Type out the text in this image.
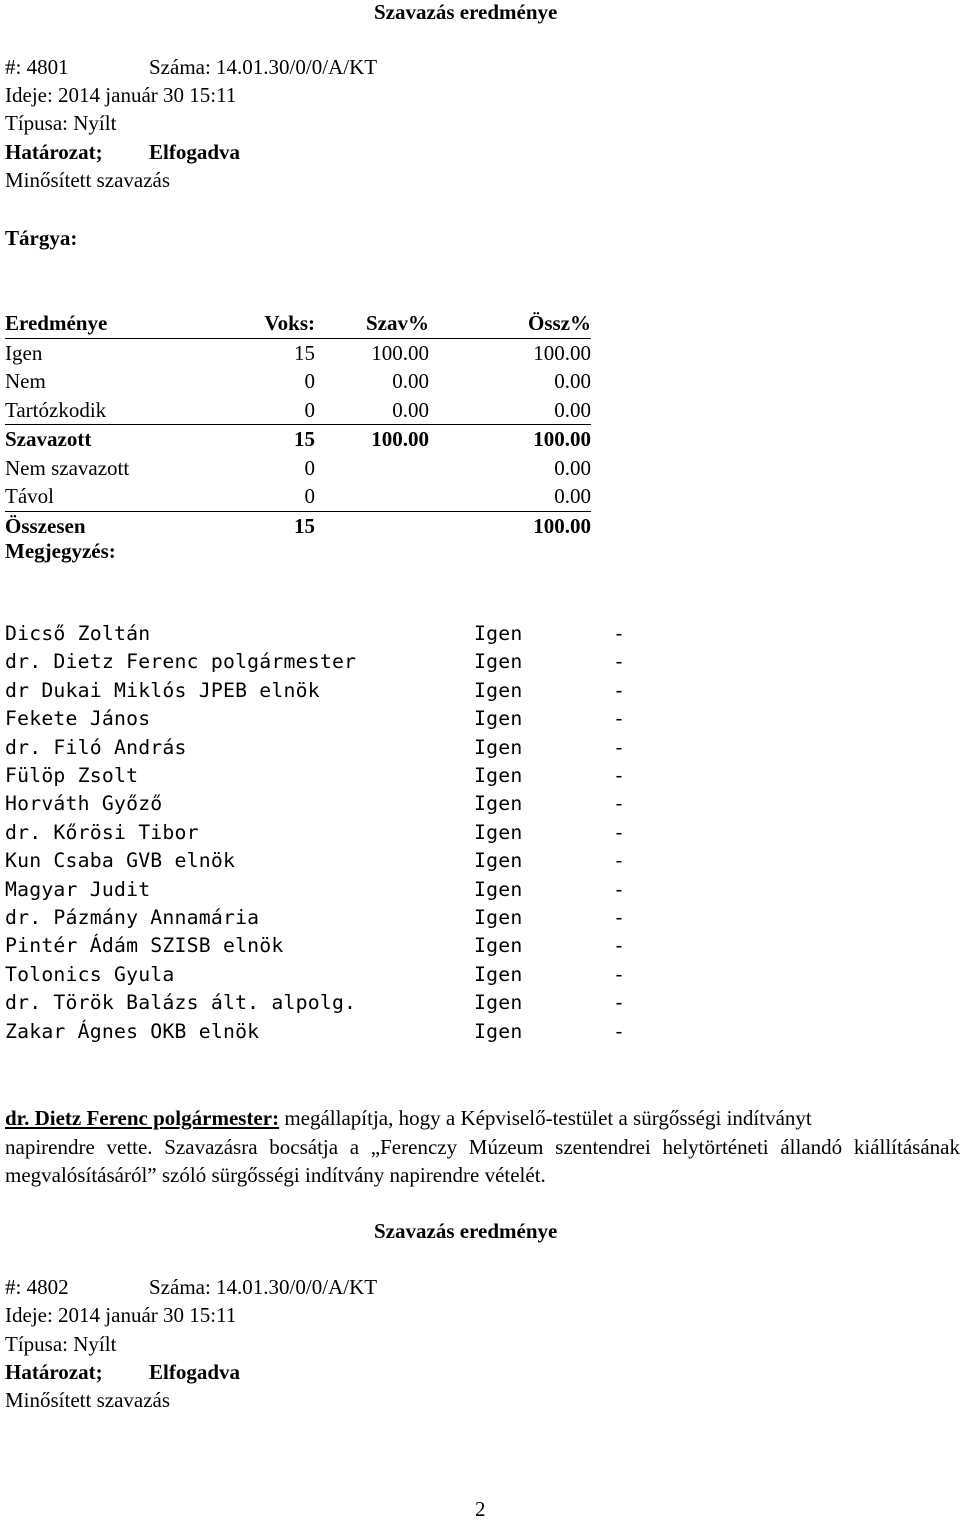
Szavazás eredménye
#: 4801	Száma: 14.01.30/0/0/A/KT
Ideje: 2014 január 30 15:11
Típusa: Nyílt
Határozat; Elfogadva
Minősített szavazás
Tárgya:
Eredménye	Voks:	Szav%	Össz%
Igen	15	100.00	100.00
Nem	0	0.00	0.00
Tartózkodik	0	0.00	0.00
Szavazott	15	100.00	100.00
Nem szavazott	0		0.00
Távol	0		0.00
Összesen	15		100.00
Megjegyzés:
Dicső Zoltán	Igen	-
dr. Dietz Ferenc polgármester	Igen	-
dr Dukai Miklós JPEB elnök	Igen	-
Fekete János	Igen	-
dr. Filó András	Igen	-
Fülöp Zsolt	Igen	-
Horváth Győző	Igen	-
dr. Kőrösi Tibor	Igen	-
Kun Csaba GVB elnök	Igen	-
Magyar Judit	Igen	-
dr. Pázmány Annamária	Igen	-
Pintér Ádám SZISB elnök	Igen	-
Tolonics Gyula	Igen	-
dr. Török Balázs ált. alpolg.	Igen	-
Zakar Ágnes OKB elnök	Igen	-
dr. Dietz Ferenc polgármester: megállapítja, hogy a Képviselő-testület a sürgősségi indítványt
napirendre vette. Szavazásra bocsátja a „Ferenczy Múzeum szentendrei helytörténeti állandó kiállításának megvalósításáról” szóló sürgősségi indítvány napirendre vételét.
Szavazás eredménye
#: 4802	Száma: 14.01.30/0/0/A/KT
Ideje: 2014 január 30 15:11
Típusa: Nyílt
Határozat; Elfogadva
Minősített szavazás
2
